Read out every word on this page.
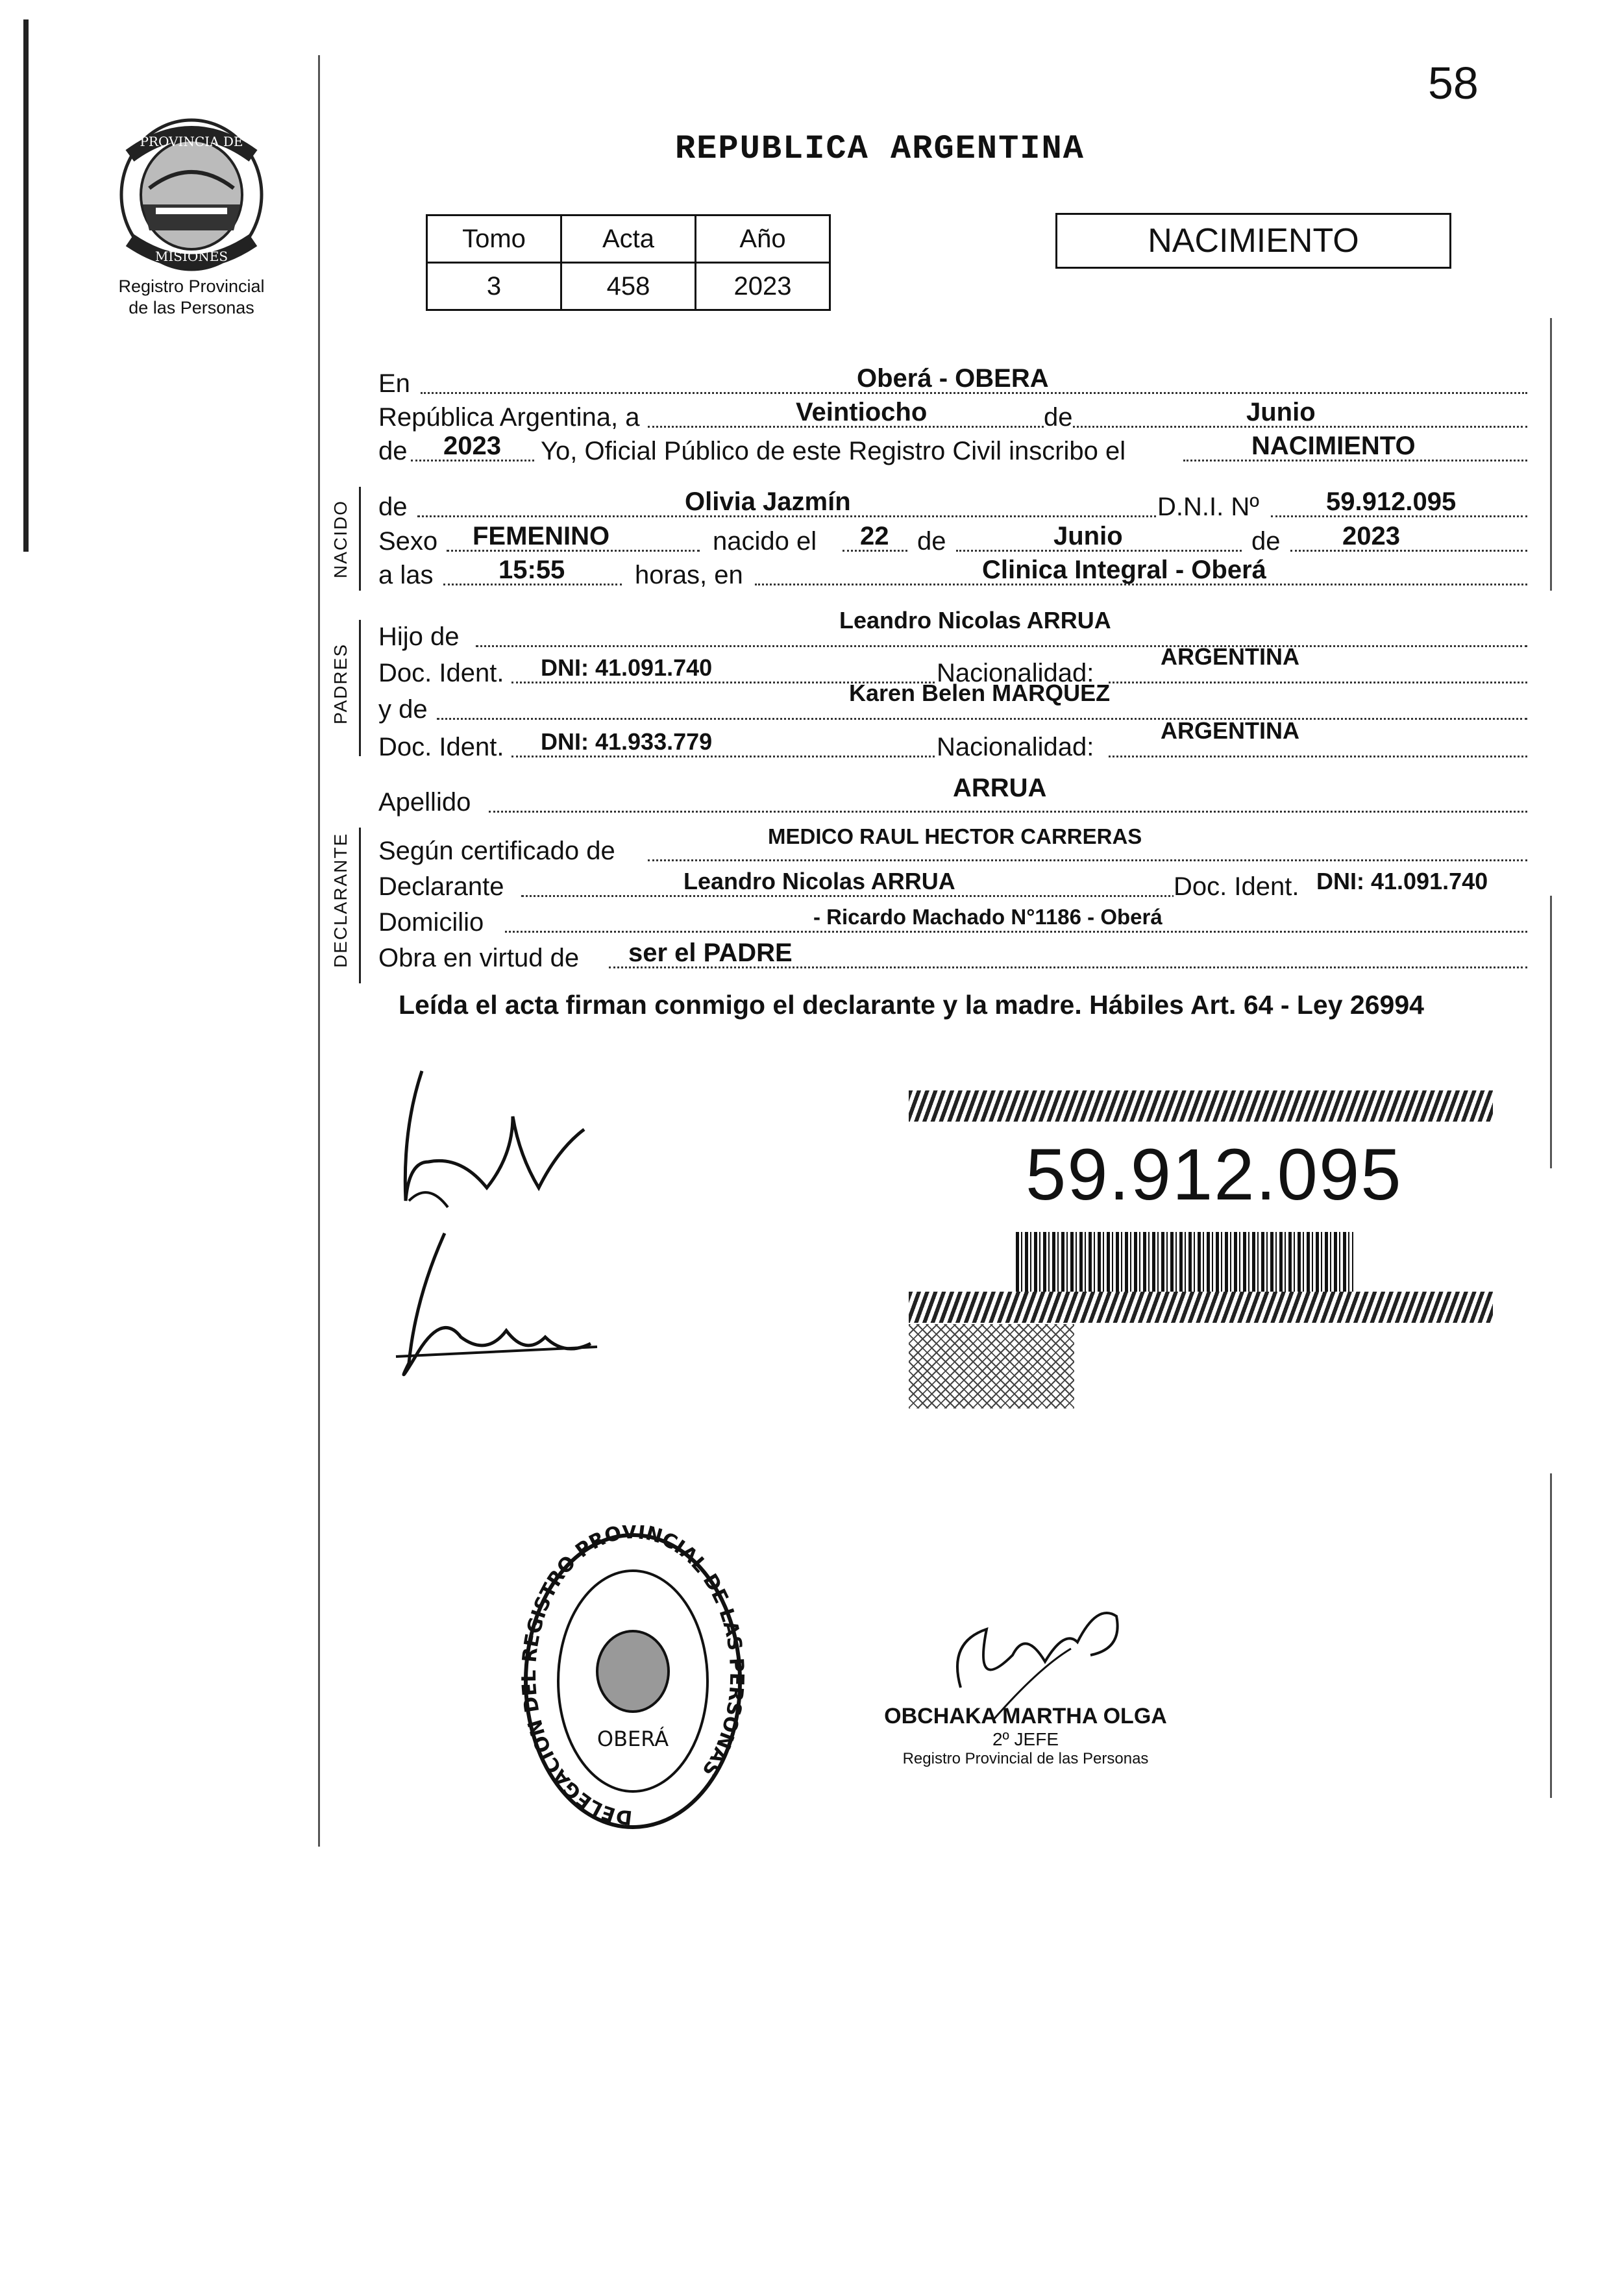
58
PROVINCIA DE
MISIONES
Registro Provincial
de las Personas
REPUBLICA ARGENTINA
Tomo	Acta	Año
3	458	2023
NACIMIENTO
En	Oberá - OBERA
República Argentina, a	Veintiocho	de	Junio
de 2023 Yo, Oficial Público de este Registro Civil inscribo el	NACIMIENTO
NACIDO de	Olivia Jazmín	D.N.I. Nº	59.912.095
Sexo FEMENINO	nacido el 22 de	Junio	de 2023
a las	15:55	horas, en	Clinica Integral - Oberá
PADRES
Hijo de
Leandro Nicolas ARRUA
Doc. Ident. DNI: 41.091.740	Nacionalidad:
ARGENTINA
y de
Karen Belen MARQUEZ
Doc. Ident. DNI: 41.933.779	Nacionalidad:
ARGENTINA
Apellido	ARRUA
DECLARANTE Según certificado de
MEDICO RAUL HECTOR CARRERAS
Declarante	Leandro Nicolas ARRUA	Doc. Ident. DNI: 41.091.740
Domicilio	- Ricardo Machado N°1186 - Oberá
Obra en virtud de ser el PADRE
Leída el acta firman conmigo el declarante y la madre. Hábiles Art. 64 - Ley 26994
59.912.095
DELEGACION DEL REGISTRO PROVINCIAL DE LAS PERSONAS
OBERÁ
OBCHAKA MARTHA OLGA
2º JEFE
Registro Provincial de las Personas
